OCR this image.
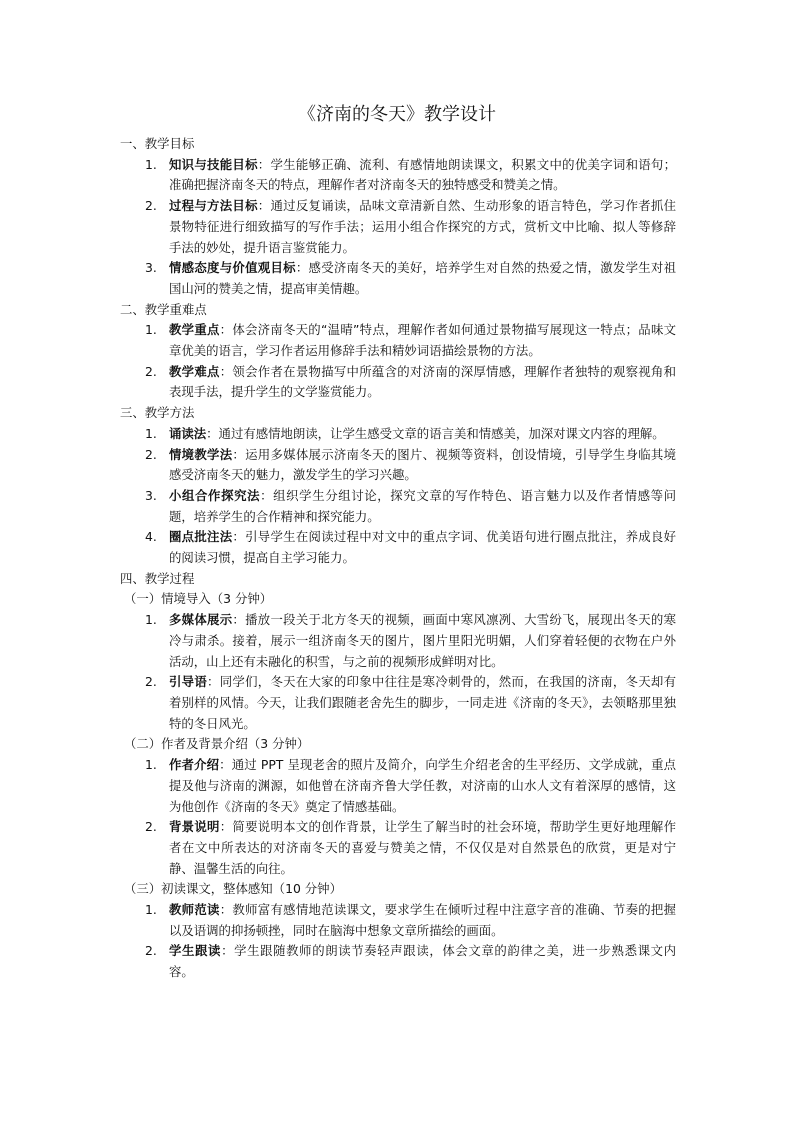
《济南的冬天》教学设计
一、教学目标
1. 知识与技能目标：学生能够正确、流利、有感情地朗读课文，积累文中的优美字词和语句；准确把握济南冬天的特点，理解作者对济南冬天的独特感受和赞美之情。
2. 过程与方法目标：通过反复诵读，品味文章清新自然、生动形象的语言特色，学习作者抓住景物特征进行细致描写的写作手法；运用小组合作探究的方式，赏析文中比喻、拟人等修辞手法的妙处，提升语言鉴赏能力。
3. 情感态度与价值观目标：感受济南冬天的美好，培养学生对自然的热爱之情，激发学生对祖国山河的赞美之情，提高审美情趣。
二、教学重难点
1. 教学重点：体会济南冬天的“温晴”特点，理解作者如何通过景物描写展现这一特点；品味文章优美的语言，学习作者运用修辞手法和精妙词语描绘景物的方法。
2. 教学难点：领会作者在景物描写中所蕴含的对济南的深厚情感，理解作者独特的观察视角和表现手法，提升学生的文学鉴赏能力。
三、教学方法
1. 诵读法：通过有感情地朗读，让学生感受文章的语言美和情感美，加深对课文内容的理解。
2. 情境教学法：运用多媒体展示济南冬天的图片、视频等资料，创设情境，引导学生身临其境感受济南冬天的魅力，激发学生的学习兴趣。
3. 小组合作探究法：组织学生分组讨论，探究文章的写作特色、语言魅力以及作者情感等问题，培养学生的合作精神和探究能力。
4. 圈点批注法：引导学生在阅读过程中对文中的重点字词、优美语句进行圈点批注，养成良好的阅读习惯，提高自主学习能力。
四、教学过程
（一）情境导入（3 分钟）
1. 多媒体展示：播放一段关于北方冬天的视频，画面中寒风凛冽、大雪纷飞，展现出冬天的寒冷与肃杀。接着，展示一组济南冬天的图片，图片里阳光明媚，人们穿着轻便的衣物在户外活动，山上还有未融化的积雪，与之前的视频形成鲜明对比。
2. 引导语：同学们，冬天在大家的印象中往往是寒冷刺骨的，然而，在我国的济南，冬天却有着别样的风情。今天，让我们跟随老舍先生的脚步，一同走进《济南的冬天》，去领略那里独特的冬日风光。
（二）作者及背景介绍（3 分钟）
1. 作者介绍：通过 PPT 呈现老舍的照片及简介，向学生介绍老舍的生平经历、文学成就，重点提及他与济南的渊源，如他曾在济南齐鲁大学任教，对济南的山水人文有着深厚的感情，这为他创作《济南的冬天》奠定了情感基础。
2. 背景说明：简要说明本文的创作背景，让学生了解当时的社会环境，帮助学生更好地理解作者在文中所表达的对济南冬天的喜爱与赞美之情，不仅仅是对自然景色的欣赏，更是对宁静、温馨生活的向往。
（三）初读课文，整体感知（10 分钟）
1. 教师范读：教师富有感情地范读课文，要求学生在倾听过程中注意字音的准确、节奏的把握以及语调的抑扬顿挫，同时在脑海中想象文章所描绘的画面。
2. 学生跟读：学生跟随教师的朗读节奏轻声跟读，体会文章的韵律之美，进一步熟悉课文内容。
